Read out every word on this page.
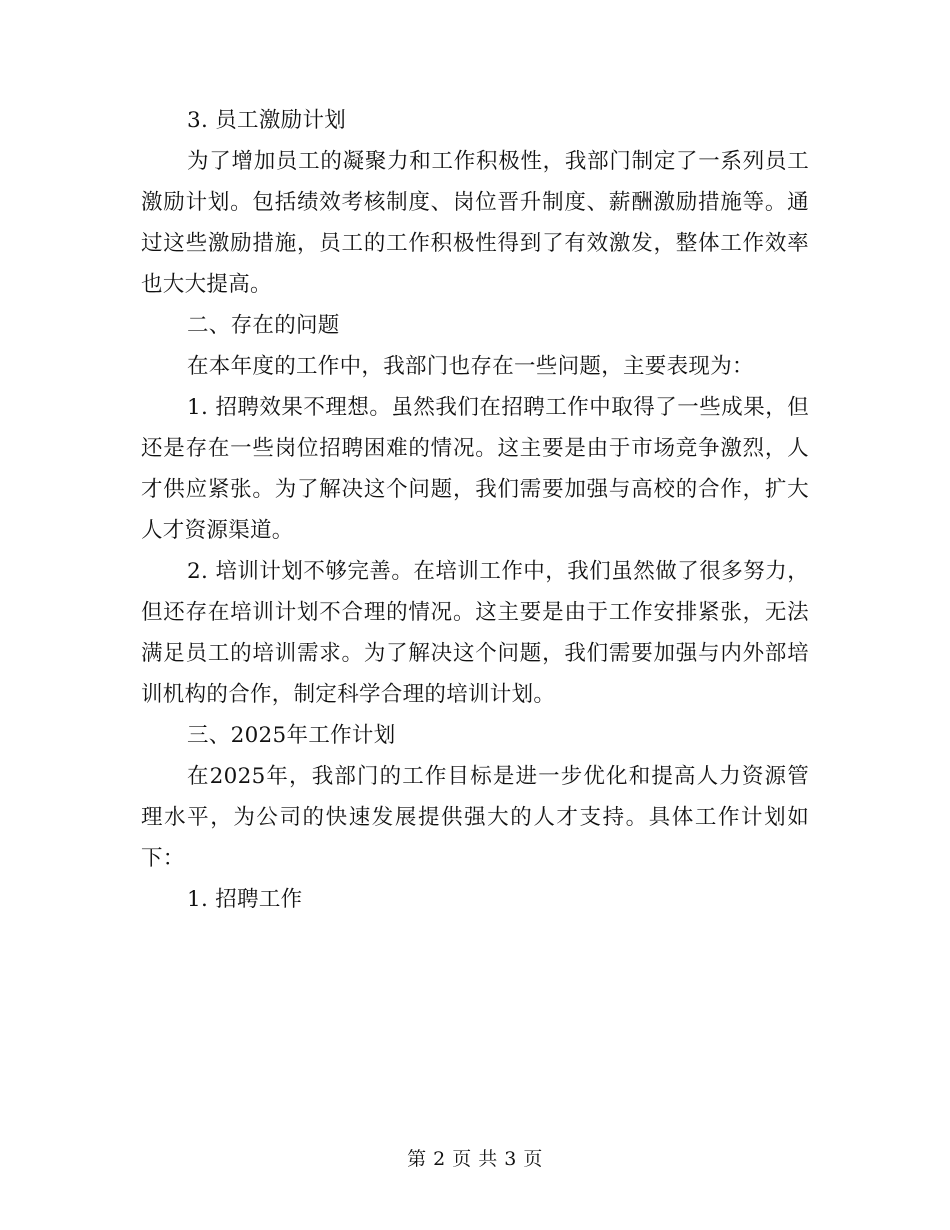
3. 员工激励计划

为了增加员工的凝聚力和工作积极性，我部门制定了一系列员工激励计划。包括绩效考核制度、岗位晋升制度、薪酬激励措施等。通过这些激励措施，员工的工作积极性得到了有效激发，整体工作效率也大大提高。

二、存在的问题

在本年度的工作中，我部门也存在一些问题，主要表现为：

1. 招聘效果不理想。虽然我们在招聘工作中取得了一些成果，但还是存在一些岗位招聘困难的情况。这主要是由于市场竞争激烈，人才供应紧张。为了解决这个问题，我们需要加强与高校的合作，扩大人才资源渠道。

2. 培训计划不够完善。在培训工作中，我们虽然做了很多努力，但还存在培训计划不合理的情况。这主要是由于工作安排紧张，无法满足员工的培训需求。为了解决这个问题，我们需要加强与内外部培训机构的合作，制定科学合理的培训计划。

三、2025年工作计划

在2025年，我部门的工作目标是进一步优化和提高人力资源管理水平，为公司的快速发展提供强大的人才支持。具体工作计划如下：

1. 招聘工作

第 2 页 共 3 页
